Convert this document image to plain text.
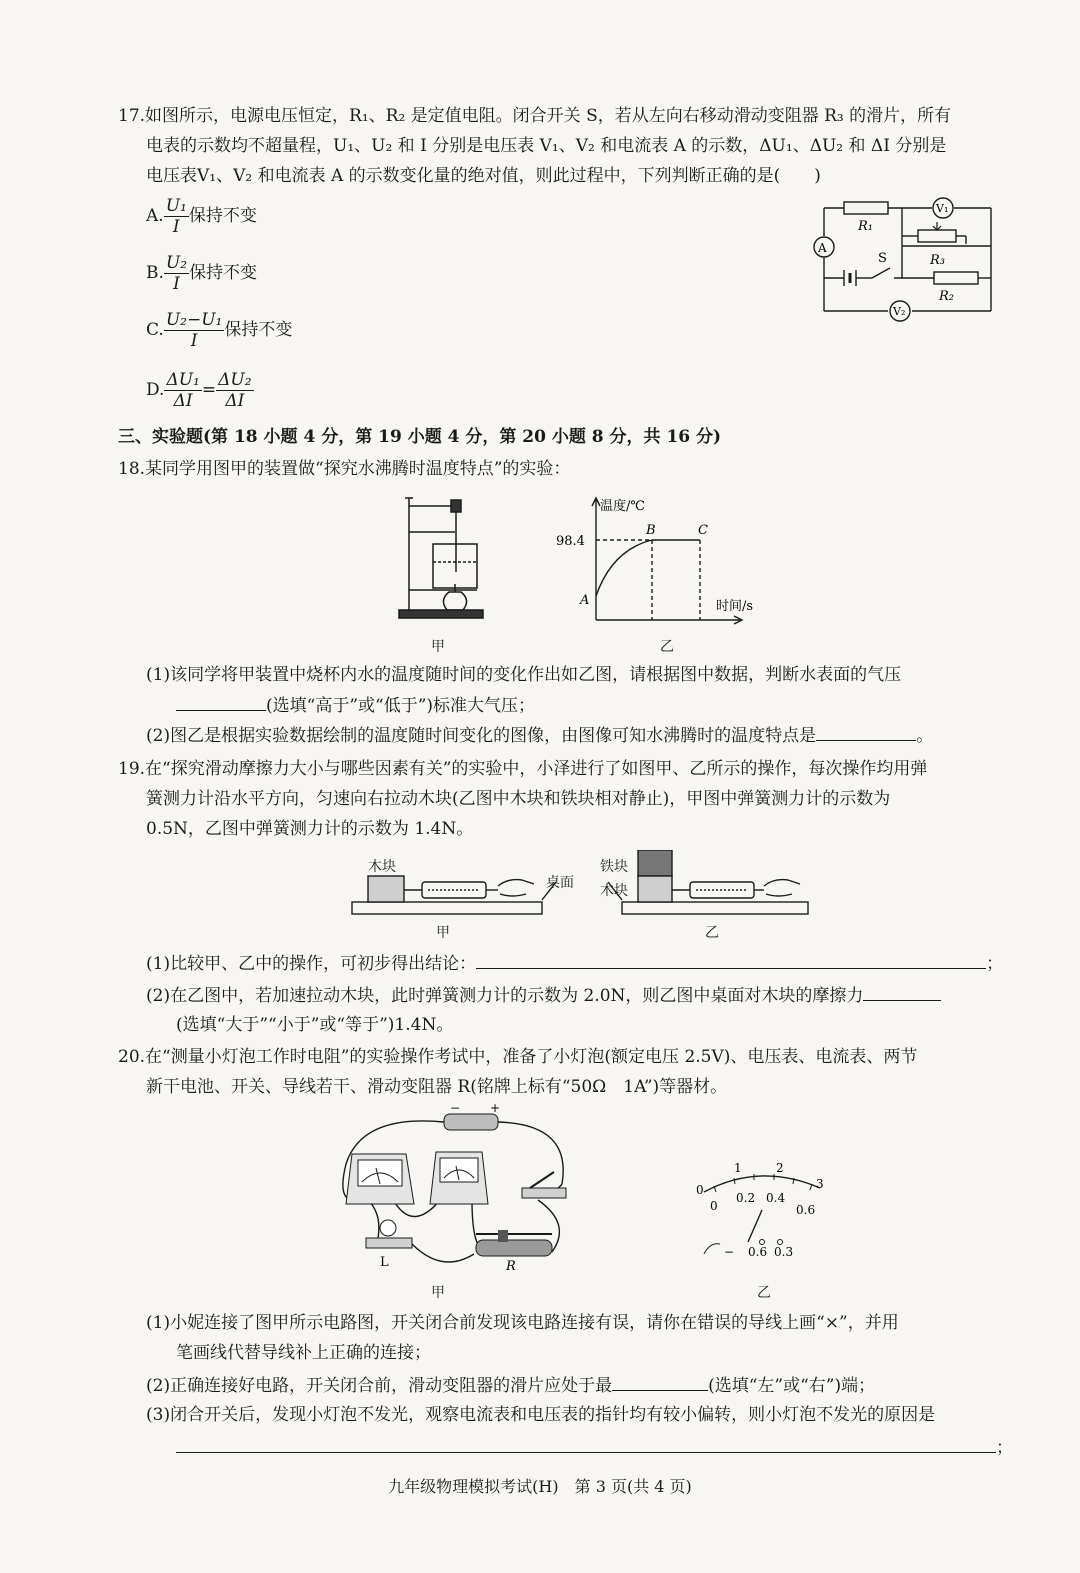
17.如图所示，电源电压恒定，R₁、R₂ 是定值电阻。闭合开关 S，若从左向右移动滑动变阻器 R₃ 的滑片，所有
电表的示数均不超量程，U₁、U₂ 和 I 分别是电压表 V₁、V₂ 和电流表 A 的示数，ΔU₁、ΔU₂ 和 ΔI 分别是
电压表V₁、V₂ 和电流表 A 的示数变化量的绝对值，则此过程中，下列判断正确的是(　　)
A. $\frac{\text{U₁}}{I}$ 保持不变
B. $\frac{\text{U₂}}{I}$ 保持不变
C. $\frac{\text{U₂−U₁}}{I}$ 保持不变
D. $\frac{\text{ΔU₁}}{\Delta I} = \frac{\text{ΔU₂}}{\Delta I}$
A
V₁
V₂
R₁
R₃
R₂
S
三、实验题(第 18 小题 4 分，第 19 小题 4 分，第 20 小题 8 分，共 16 分)
18.某同学用图甲的装置做“探究水沸腾时温度特点”的实验：
甲
温度/℃
98.4
A
B	C
时间/s
乙
(1)该同学将甲装置中烧杯内水的温度随时间的变化作出如乙图，请根据图中数据，判断水表面的气压
(选填“高于”或“低于”)标准大气压；
(2)图乙是根据实验数据绘制的温度随时间变化的图像，由图像可知水沸腾时的温度特点是	。
19.在“探究滑动摩擦力大小与哪些因素有关”的实验中，小泽进行了如图甲、乙所示的操作，每次操作均用弹
簧测力计沿水平方向，匀速向右拉动木块(乙图中木块和铁块相对静止)，甲图中弹簧测力计的示数为
0.5N，乙图中弹簧测力计的示数为 1.4N。
木块
桌面
铁块
木块
甲	乙
(1)比较甲、乙中的操作，可初步得出结论：	；
(2)在乙图中，若加速拉动木块，此时弹簧测力计的示数为 2.0N，则乙图中桌面对木块的摩擦力
(选填“大于”“小于”或“等于”)1.4N。
20.在“测量小灯泡工作时电阻”的实验操作考试中，准备了小灯泡(额定电压 2.5V)、电压表、电流表、两节
新干电池、开关、导线若干、滑动变阻器 R(铭牌上标有“50Ω　1A”)等器材。
− +
L	R
甲
0
1	2
3
0
0.2 0.4
0.6
− 0.6 0.3
乙
(1)小妮连接了图甲所示电路图，开关闭合前发现该电路连接有误，请你在错误的导线上画“×”，并用
笔画线代替导线补上正确的连接；
(2)正确连接好电路，开关闭合前，滑动变阻器的滑片应处于最	(选填“左”或“右”)端；
(3)闭合开关后，发现小灯泡不发光，观察电流表和电压表的指针均有较小偏转，则小灯泡不发光的原因是
；
九年级物理模拟考试(H)　第 3 页(共 4 页)
